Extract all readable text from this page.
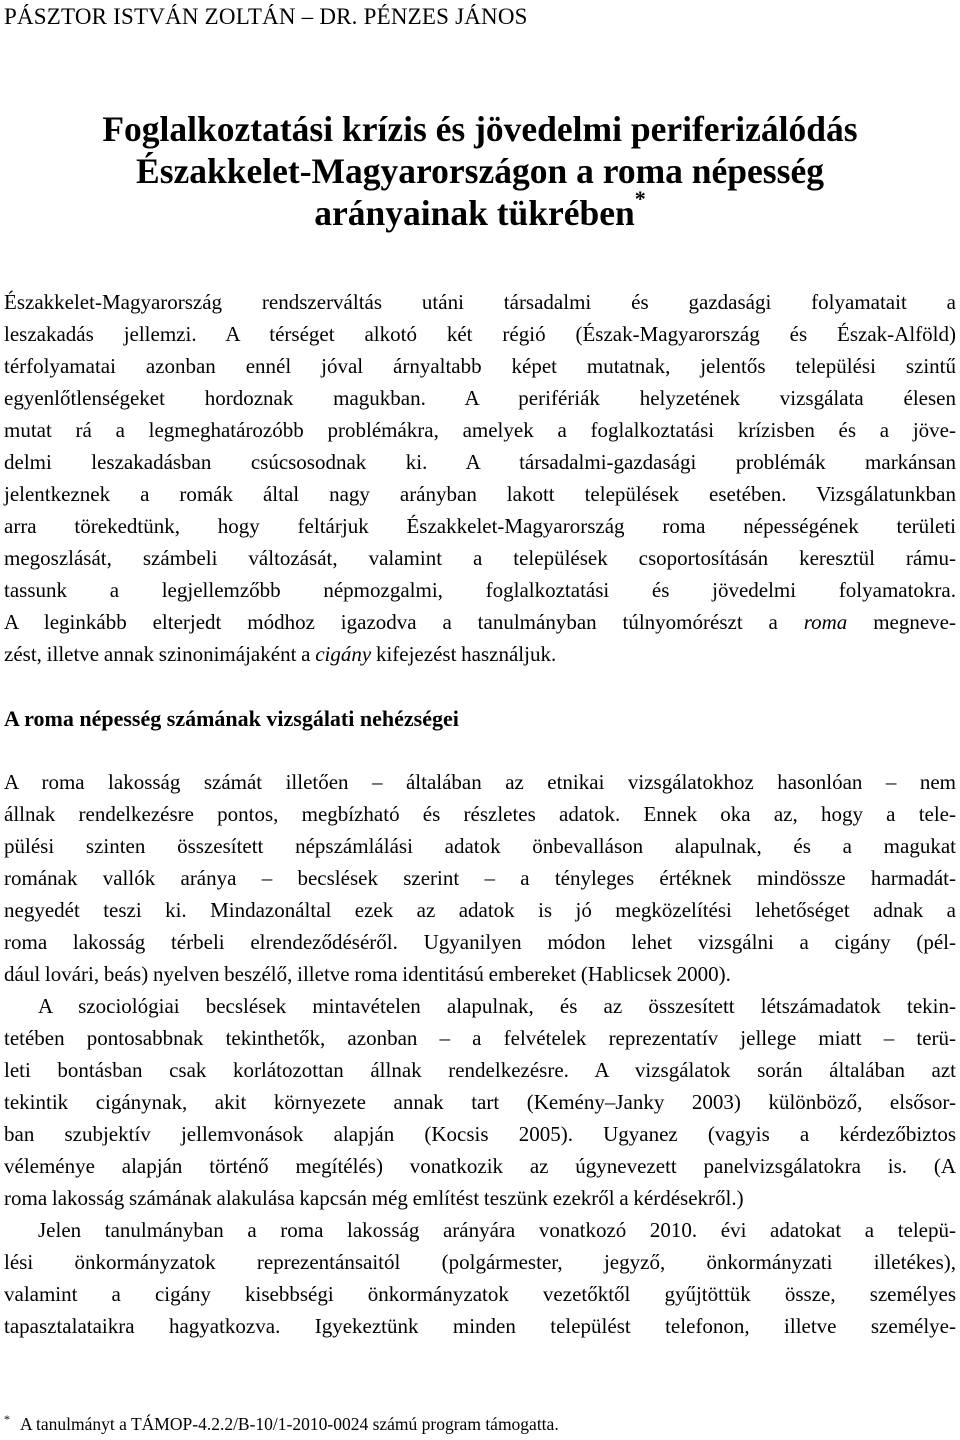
PÁSZTOR ISTVÁN ZOLTÁN – DR. PÉNZES JÁNOS
Foglalkoztatási krízis és jövedelmi periferizálódás
Északkelet-Magyarországon a roma népesség
arányainak tükrében*
Északkelet-Magyarország rendszerváltás utáni társadalmi és gazdasági folyamatait a
leszakadás jellemzi. A térséget alkotó két régió (Észak-Magyarország és Észak-Alföld)
térfolyamatai azonban ennél jóval árnyaltabb képet mutatnak, jelentős települési szintű
egyenlőtlenségeket hordoznak magukban. A perifériák helyzetének vizsgálata élesen
mutat rá a legmeghatározóbb problémákra, amelyek a foglalkoztatási krízisben és a jöve-
delmi leszakadásban csúcsosodnak ki. A társadalmi-gazdasági problémák markánsan
jelentkeznek a romák által nagy arányban lakott települések esetében. Vizsgálatunkban
arra törekedtünk, hogy feltárjuk Északkelet-Magyarország roma népességének területi
megoszlását, számbeli változását, valamint a települések csoportosításán keresztül rámu-
tassunk a legjellemzőbb népmozgalmi, foglalkoztatási és jövedelmi folyamatokra.
A leginkább elterjedt módhoz igazodva a tanulmányban túlnyomórészt a roma megneve-
zést, illetve annak szinonimájaként a cigány kifejezést használjuk.
A roma népesség számának vizsgálati nehézségei
A roma lakosság számát illetően – általában az etnikai vizsgálatokhoz hasonlóan – nem
állnak rendelkezésre pontos, megbízható és részletes adatok. Ennek oka az, hogy a tele-
pülési szinten összesített népszámlálási adatok önbevalláson alapulnak, és a magukat
romának vallók aránya – becslések szerint – a tényleges értéknek mindössze harmadát-
negyedét teszi ki. Mindazonáltal ezek az adatok is jó megközelítési lehetőséget adnak a
roma lakosság térbeli elrendeződéséről. Ugyanilyen módon lehet vizsgálni a cigány (pél-
dául lovári, beás) nyelven beszélő, illetve roma identitású embereket (Hablicsek 2000).
A szociológiai becslések mintavételen alapulnak, és az összesített létszámadatok tekin-
tetében pontosabbnak tekinthetők, azonban – a felvételek reprezentatív jellege miatt – terü-
leti bontásban csak korlátozottan állnak rendelkezésre. A vizsgálatok során általában azt
tekintik cigánynak, akit környezete annak tart (Kemény–Janky 2003) különböző, elsősor-
ban szubjektív jellemvonások alapján (Kocsis 2005). Ugyanez (vagyis a kérdezőbiztos
véleménye alapján történő megítélés) vonatkozik az úgynevezett panelvizsgálatokra is. (A
roma lakosság számának alakulása kapcsán még említést teszünk ezekről a kérdésekről.)
Jelen tanulmányban a roma lakosság arányára vonatkozó 2010. évi adatokat a telepü-
lési önkormányzatok reprezentánsaitól (polgármester, jegyző, önkormányzati illetékes),
valamint a cigány kisebbségi önkormányzatok vezetőktől gyűjtöttük össze, személyes
tapasztalataikra hagyatkozva. Igyekeztünk minden települést telefonon, illetve személye-
* A tanulmányt a TÁMOP-4.2.2/B-10/1-2010-0024 számú program támogatta.
